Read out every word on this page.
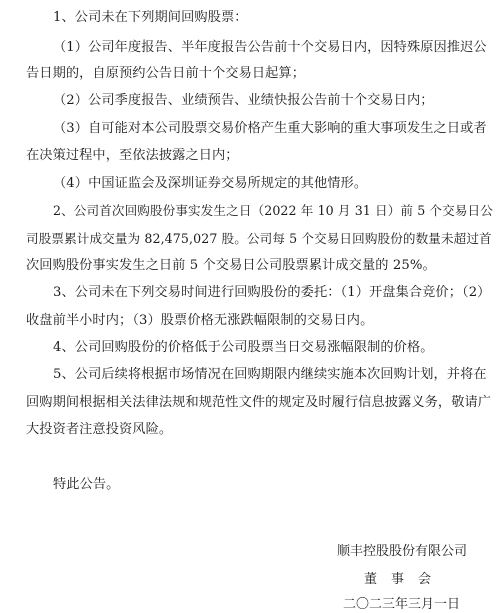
1、公司未在下列期间回购股票：
（1）公司年度报告、半年度报告公告前十个交易日内，因特殊原因推迟公
告日期的，自原预约公告日前十个交易日起算；
（2）公司季度报告、业绩预告、业绩快报公告前十个交易日内；
（3）自可能对本公司股票交易价格产生重大影响的重大事项发生之日或者
在决策过程中，至依法披露之日内；
（4）中国证监会及深圳证券交易所规定的其他情形。
2、公司首次回购股份事实发生之日（2022 年 10 月 31 日）前 5 个交易日公
司股票累计成交量为 82,475,027 股。公司每 5 个交易日回购股份的数量未超过首
次回购股份事实发生之日前 5 个交易日公司股票累计成交量的 25%。
3、公司未在下列交易时间进行回购股份的委托：（1）开盘集合竞价；（2）
收盘前半小时内；（3）股票价格无涨跌幅限制的交易日内。
4、公司回购股份的价格低于公司股票当日交易涨幅限制的价格。
5、公司后续将根据市场情况在回购期限内继续实施本次回购计划，并将在
回购期间根据相关法律法规和规范性文件的规定及时履行信息披露义务，敬请广
大投资者注意投资风险。
特此公告。
顺丰控股股份有限公司
董事会
二〇二三年三月一日
